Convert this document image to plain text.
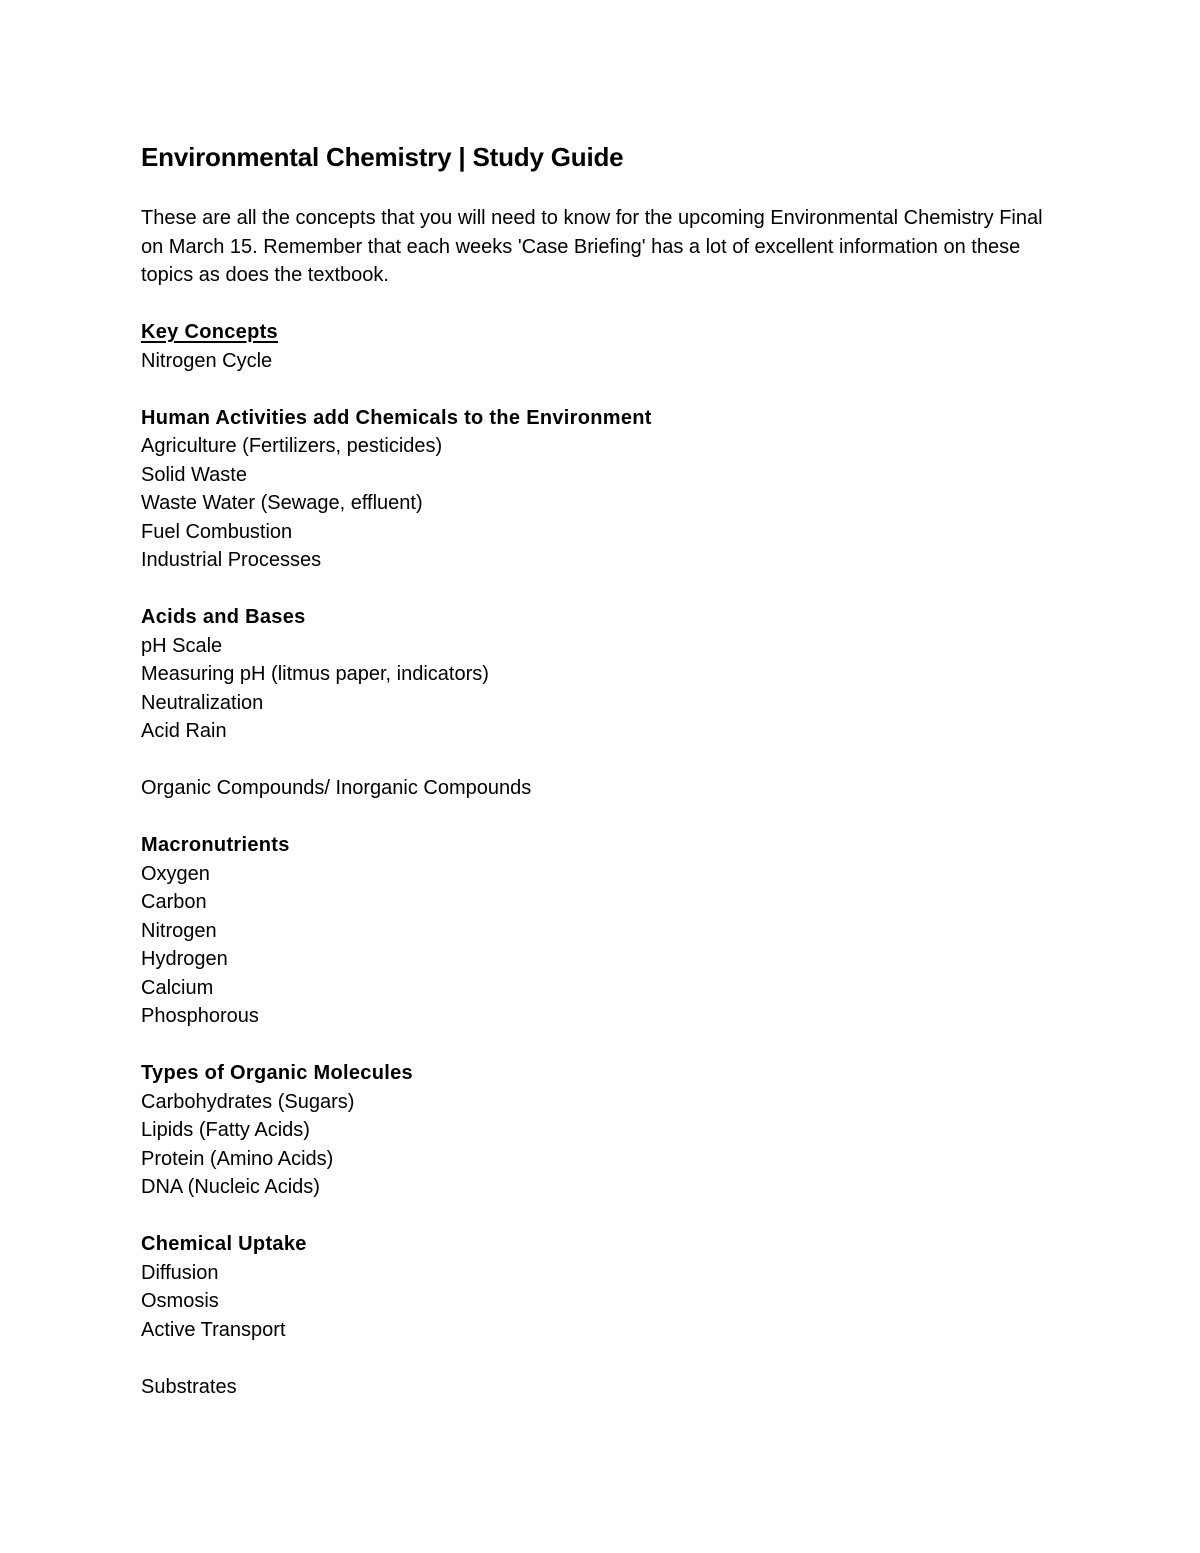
Environmental Chemistry | Study Guide
These are all the concepts that you will need to know for the upcoming Environmental Chemistry Final on March 15. Remember that each weeks 'Case Briefing' has a lot of excellent information on these topics as does the textbook.
Key Concepts
Nitrogen Cycle
Human Activities add Chemicals to the Environment
Agriculture (Fertilizers, pesticides)
Solid Waste
Waste Water (Sewage, effluent)
Fuel Combustion
Industrial Processes
Acids and Bases
pH Scale
Measuring pH (litmus paper, indicators)
Neutralization
Acid Rain
Organic Compounds/ Inorganic Compounds
Macronutrients
Oxygen
Carbon
Nitrogen
Hydrogen
Calcium
Phosphorous
Types of Organic Molecules
Carbohydrates (Sugars)
Lipids (Fatty Acids)
Protein (Amino Acids)
DNA (Nucleic Acids)
Chemical Uptake
Diffusion
Osmosis
Active Transport
Substrates
